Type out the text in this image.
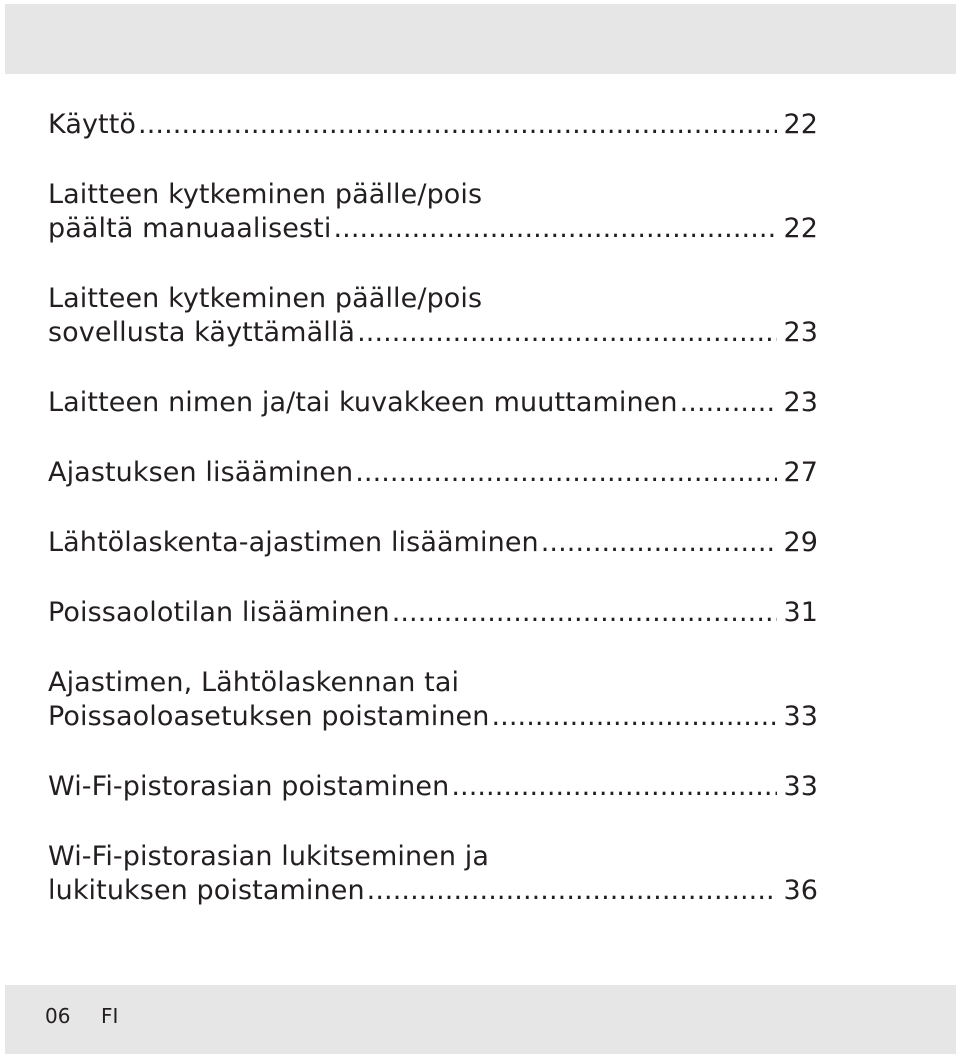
Käyttö .....	22
Laitteen kytkeminen päälle/pois
päältä manuaalisesti .....	22
Laitteen kytkeminen päälle/pois
sovellusta käyttämällä .....	23
Laitteen nimen ja/tai kuvakkeen muuttaminen .....	23
Ajastuksen lisääminen .....	27
Lähtölaskenta-ajastimen lisääminen .....	29
Poissaolotilan lisääminen .....	31
Ajastimen, Lähtölaskennan tai
Poissaoloasetuksen poistaminen .....	33
Wi-Fi-pistorasian poistaminen .....	33
Wi-Fi-pistorasian lukitseminen ja
lukituksen poistaminen .....	36
06 FI
